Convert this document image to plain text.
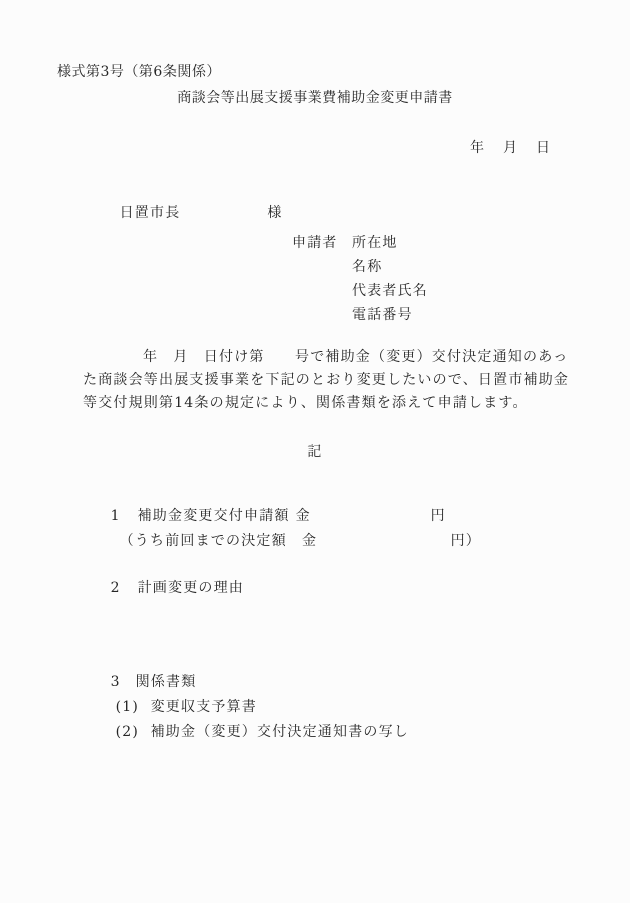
様式第3号（第6条関係）
商談会等出展支援事業費補助金変更申請書
年　月　日

日置市長	様

申請者 所在地
名称
代表者氏名
電話番号
年　月　日付け第　　号で補助金（変更）交付決定通知のあっ
た商談会等出展支援事業を下記のとおり変更したいので、日置市補助金
等交付規則第14条の規定により、関係書類を添えて申請します。
記

1 補助金変更交付申請額 金	円

（うち前回までの決定額　金	円）

2 計画変更の理由

3 関係書類

(1) 変更収支予算書

(2) 補助金（変更）交付決定通知書の写し
